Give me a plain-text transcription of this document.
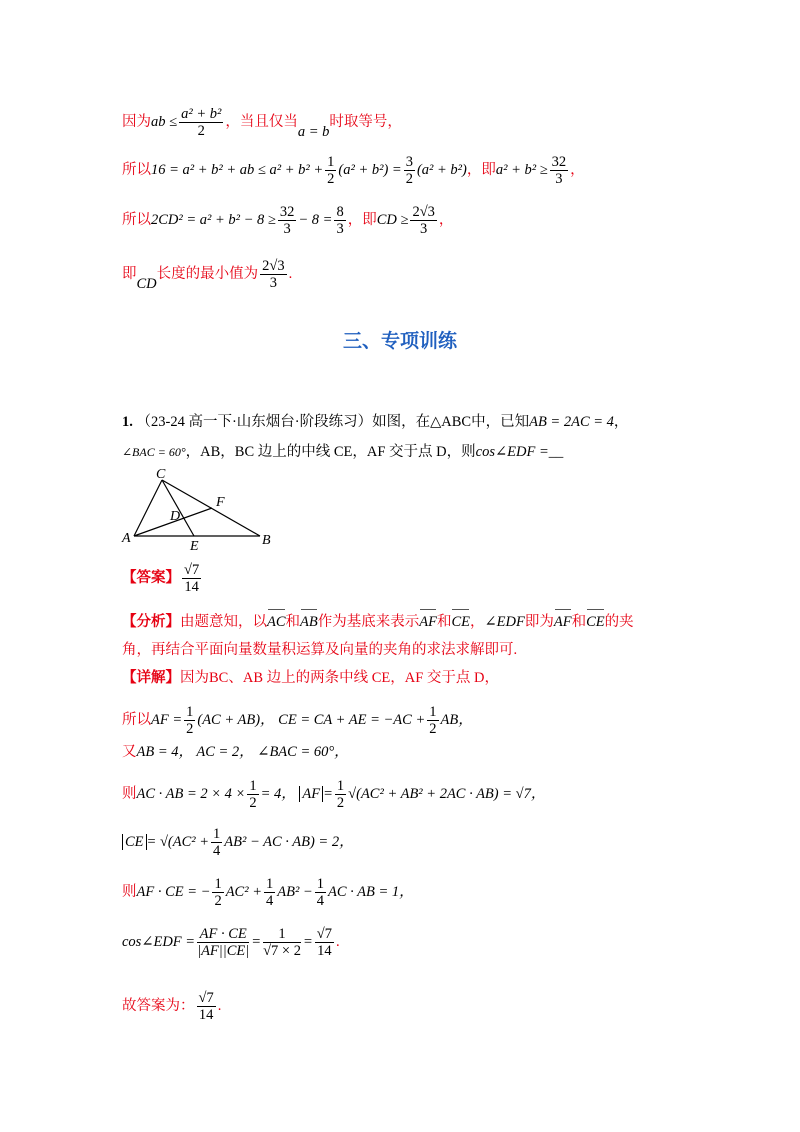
因为ab ≤ $\frac{\text{a² + b²}}{2}$ ，当且仅当a = b时取等号，
所以16 = a² + b² + ab ≤ $a^2 + b^2 + \frac{1}{2} (a^2 + b^2) = \frac{3}{2} (a^2 + b^2)$，即$a^2 + b^2 \ge \frac{32}{3}$ ，
所以$2CD^2 = a^2 + b^2 - 8 \ge \frac{32}{3} - 8 = \frac{8}{3}$ ，即CD ≥ $\frac{2√3}{3}$ ，
即CD长度的最小值为 $\frac{2√3}{3}$ .
三、专项训练
1. （23-24 高一下·山东烟台·阶段练习）如图，在△ABC中，已知AB = 2AC = 4，
∠BAC = 60°，AB，BC 边上的中线 CE，AF 交于点 D，则cos∠EDF =__
C
F
D
A
E	B
【答案】 $\frac{√7}{14}$
【分析】由题意知，以AC和AB作为基底来表示AF和CE，∠EDF即为AF和CE的夹
角，再结合平面向量数量积运算及向量的夹角的求法求解即可.
【详解】因为BC、AB 边上的两条中线 CE，AF 交于点 D，
所以AF = $\frac{1}{2} (AC + AB)$， CE = CA + AE = $-AC + \frac{1}{2}$ AB，
又AB = 4， AC = 2， ∠BAC = 60°，
则AC · AB = $2 \times 4 \times \frac{1}{2} = 4$， AF = $\frac{1}{2} √(AC^2 + AB^2 + 2AC \cdot AB) = √7$，
CE = $√(AC^2 + \frac{1}{4} AB^2$ − AC · AB) = 2，
则AF · CE = − $\frac{1}{2} AC^2 + \frac{1}{4} AB^2 - \frac{1}{4}$ AC · AB = 1，
cos∠EDF = $\frac{AF \cdot CE}{|AF||CE|} = \frac{1}{√7 \times 2} = \frac{√7}{14}$ .
故答案为： $\frac{√7}{14}$ .
